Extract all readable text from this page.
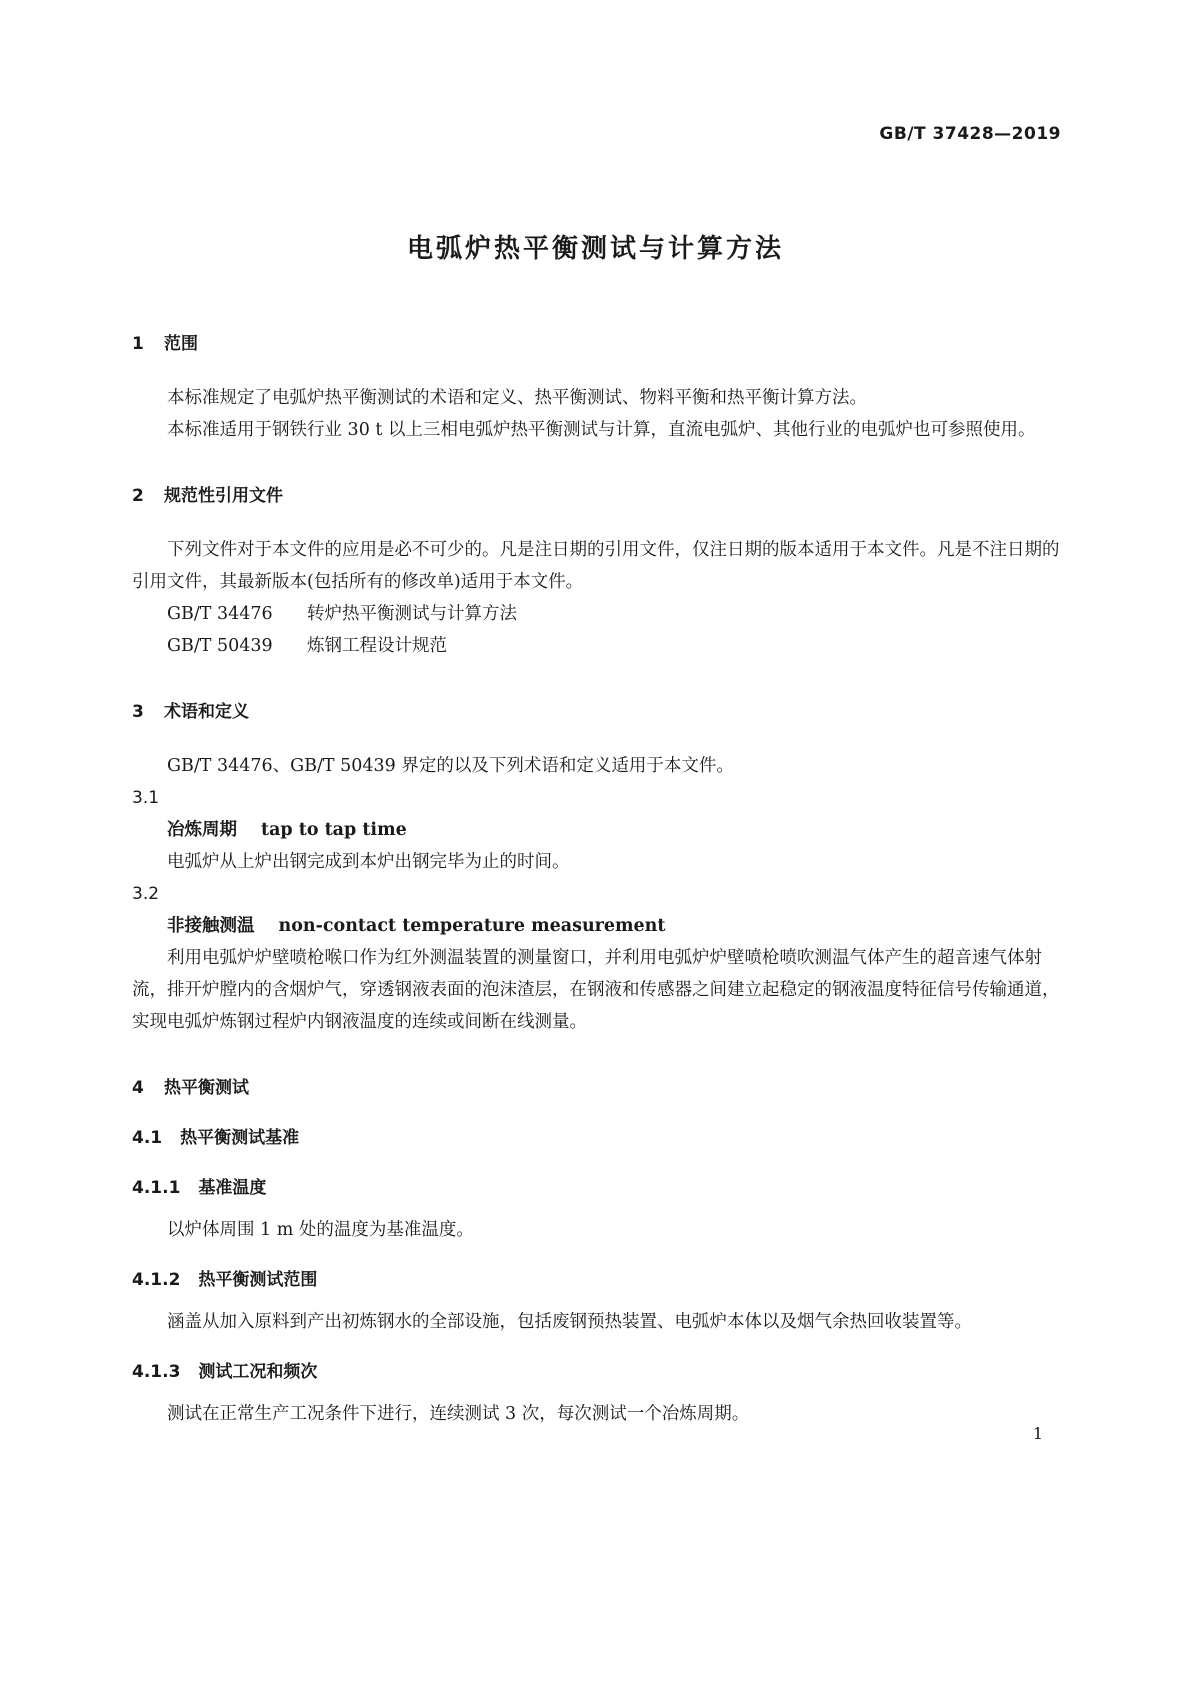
GB/T 37428—2019
电弧炉热平衡测试与计算方法
1 范围

本标准规定了电弧炉热平衡测试的术语和定义、热平衡测试、物料平衡和热平衡计算方法。

本标准适用于钢铁行业 30 t 以上三相电弧炉热平衡测试与计算，直流电弧炉、其他行业的电弧炉也可参照使用。

2 规范性引用文件

下列文件对于本文件的应用是必不可少的。凡是注日期的引用文件，仅注日期的版本适用于本文件。凡是不注日期的引用文件，其最新版本(包括所有的修改单)适用于本文件。

GB/T 34476 转炉热平衡测试与计算方法

GB/T 50439 炼钢工程设计规范

3 术语和定义

GB/T 34476、GB/T 50439 界定的以及下列术语和定义适用于本文件。

3.1

冶炼周期 tap to tap time

电弧炉从上炉出钢完成到本炉出钢完毕为止的时间。

3.2

非接触测温 non-contact temperature measurement

利用电弧炉炉壁喷枪喉口作为红外测温装置的测量窗口，并利用电弧炉炉壁喷枪喷吹测温气体产生的超音速气体射流，排开炉膛内的含烟炉气，穿透钢液表面的泡沫渣层，在钢液和传感器之间建立起稳定的钢液温度特征信号传输通道，实现电弧炉炼钢过程炉内钢液温度的连续或间断在线测量。

4 热平衡测试
4.1 热平衡测试基准
4.1.1 基准温度

以炉体周围 1 m 处的温度为基准温度。

4.1.2 热平衡测试范围

涵盖从加入原料到产出初炼钢水的全部设施，包括废钢预热装置、电弧炉本体以及烟气余热回收装置等。

4.1.3 测试工况和频次

测试在正常生产工况条件下进行，连续测试 3 次，每次测试一个冶炼周期。

1
